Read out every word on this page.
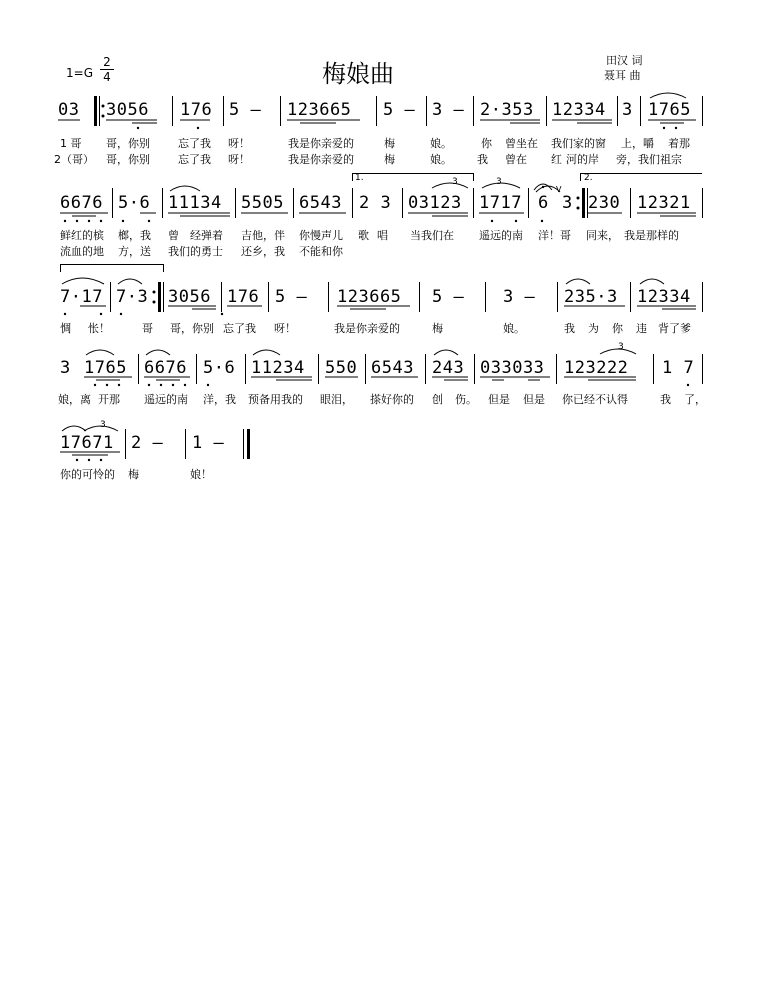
1=G
2
4	梅娘曲	田汉 词
聂耳 曲
03 3056 176 5 – 123665 5 – 3 – 2·353 12334 3 1765
1 哥 哥，你别	忘了我 呀！	我是你亲爱的	梅	娘。	你 曾坐在 我们家的窗 上，嚼 着那
2（哥） 哥，你别	忘了我 呀！	我是你亲爱的	梅	娘。 我 曾在 红 河的岸 旁，我们祖宗
1.	2.
6676 5·6 11134 5505 6543 2 3 03123
3
1717
3
6 3 230 12321
鲜红的槟 榔，我 曾 经弹着 吉他，伴 你慢声儿 歌 唱 当我们在 遥远的南 洋！哥 同来， 我是那样的
流血的地 方，送 我们的勇士 还乡，我 不能和你
7·17 7·3 3056 176 5 – 123665 5 – 3 – 235·3 12334
惆 怅！	哥 哥，你别 忘了我 呀！	我是你亲爱的	梅	娘。	我 为 你 违 背了爹
3 1765 6676 5·6 11234 550 6543 243 033033 123222
3
1 7
娘，离 开那 遥远的南 洋，我 预备用我的 眼泪， 搽好你的 创 伤。 但是 但是 你已经不认得	我 了，
3
17671 2 – 1 –
你的可怜的 梅	娘！
V
